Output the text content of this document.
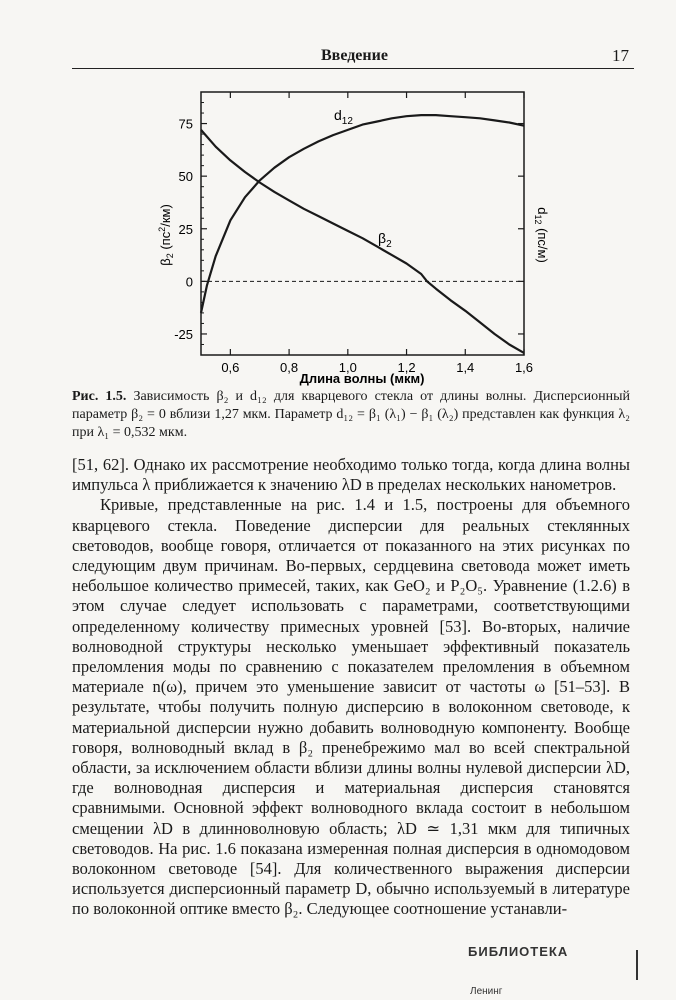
Введение	17
0,6	0,8	1,0	1,2	1,4	1,6
75
50
25
0
-25
$\beta_2$ $(пс^2/км)$	$d_{12}$ (пс/м)
Длина волны (мкм)
$d_{12}$
$\beta_2$
Рис. 1.5. Зависимость β₂ и d₁₂ для кварцевого стекла от длины волны. Дисперсионный параметр β₂ = 0 вблизи 1,27 мкм. Параметр d₁₂ = β₁ (λ₁) − β₁ (λ₂) представлен как функция λ₂ при λ₁ = 0,532 мкм.

[51, 62]. Однако их рассмотрение необходимо только тогда, когда длина волны импульса λ приближается к значению λD в пределах нескольких нанометров.

Кривые, представленные на рис. 1.4 и 1.5, построены для объемного кварцевого стекла. Поведение дисперсии для реальных стеклянных световодов, вообще говоря, отличается от показанного на этих рисунках по следующим двум причинам. Во-первых, сердцевина световода может иметь небольшое количество примесей, таких, как GeO₂ и P₂O₅. Уравнение (1.2.6) в этом случае следует использовать с параметрами, соответствующими определенному количеству примесных уровней [53]. Во-вторых, наличие волноводной структуры несколько уменьшает эффективный показатель преломления моды по сравнению с показателем преломления в объемном материале n(ω), причем это уменьшение зависит от частоты ω [51–53]. В результате, чтобы получить полную дисперсию в волоконном световоде, к материальной дисперсии нужно добавить волноводную компоненту. Вообще говоря, волноводный вклад в β₂ пренебрежимо мал во всей спектральной области, за исключением области вблизи длины волны нулевой дисперсии λD, где волноводная дисперсия и материальная дисперсия становятся сравнимыми. Основной эффект волноводного вклада состоит в небольшом смещении λD в длинноволновую область; λD ≃ 1,31 мкм для типичных световодов. На рис. 1.6 показана измеренная полная дисперсия в одномодовом волоконном световоде [54]. Для количественного выражения дисперсии используется дисперсионный параметр D, обычно используемый в литературе по волоконной оптике вместо β₂. Следующее соотношение устанавли-

БИБЛИОТЕКА
Ленинг
